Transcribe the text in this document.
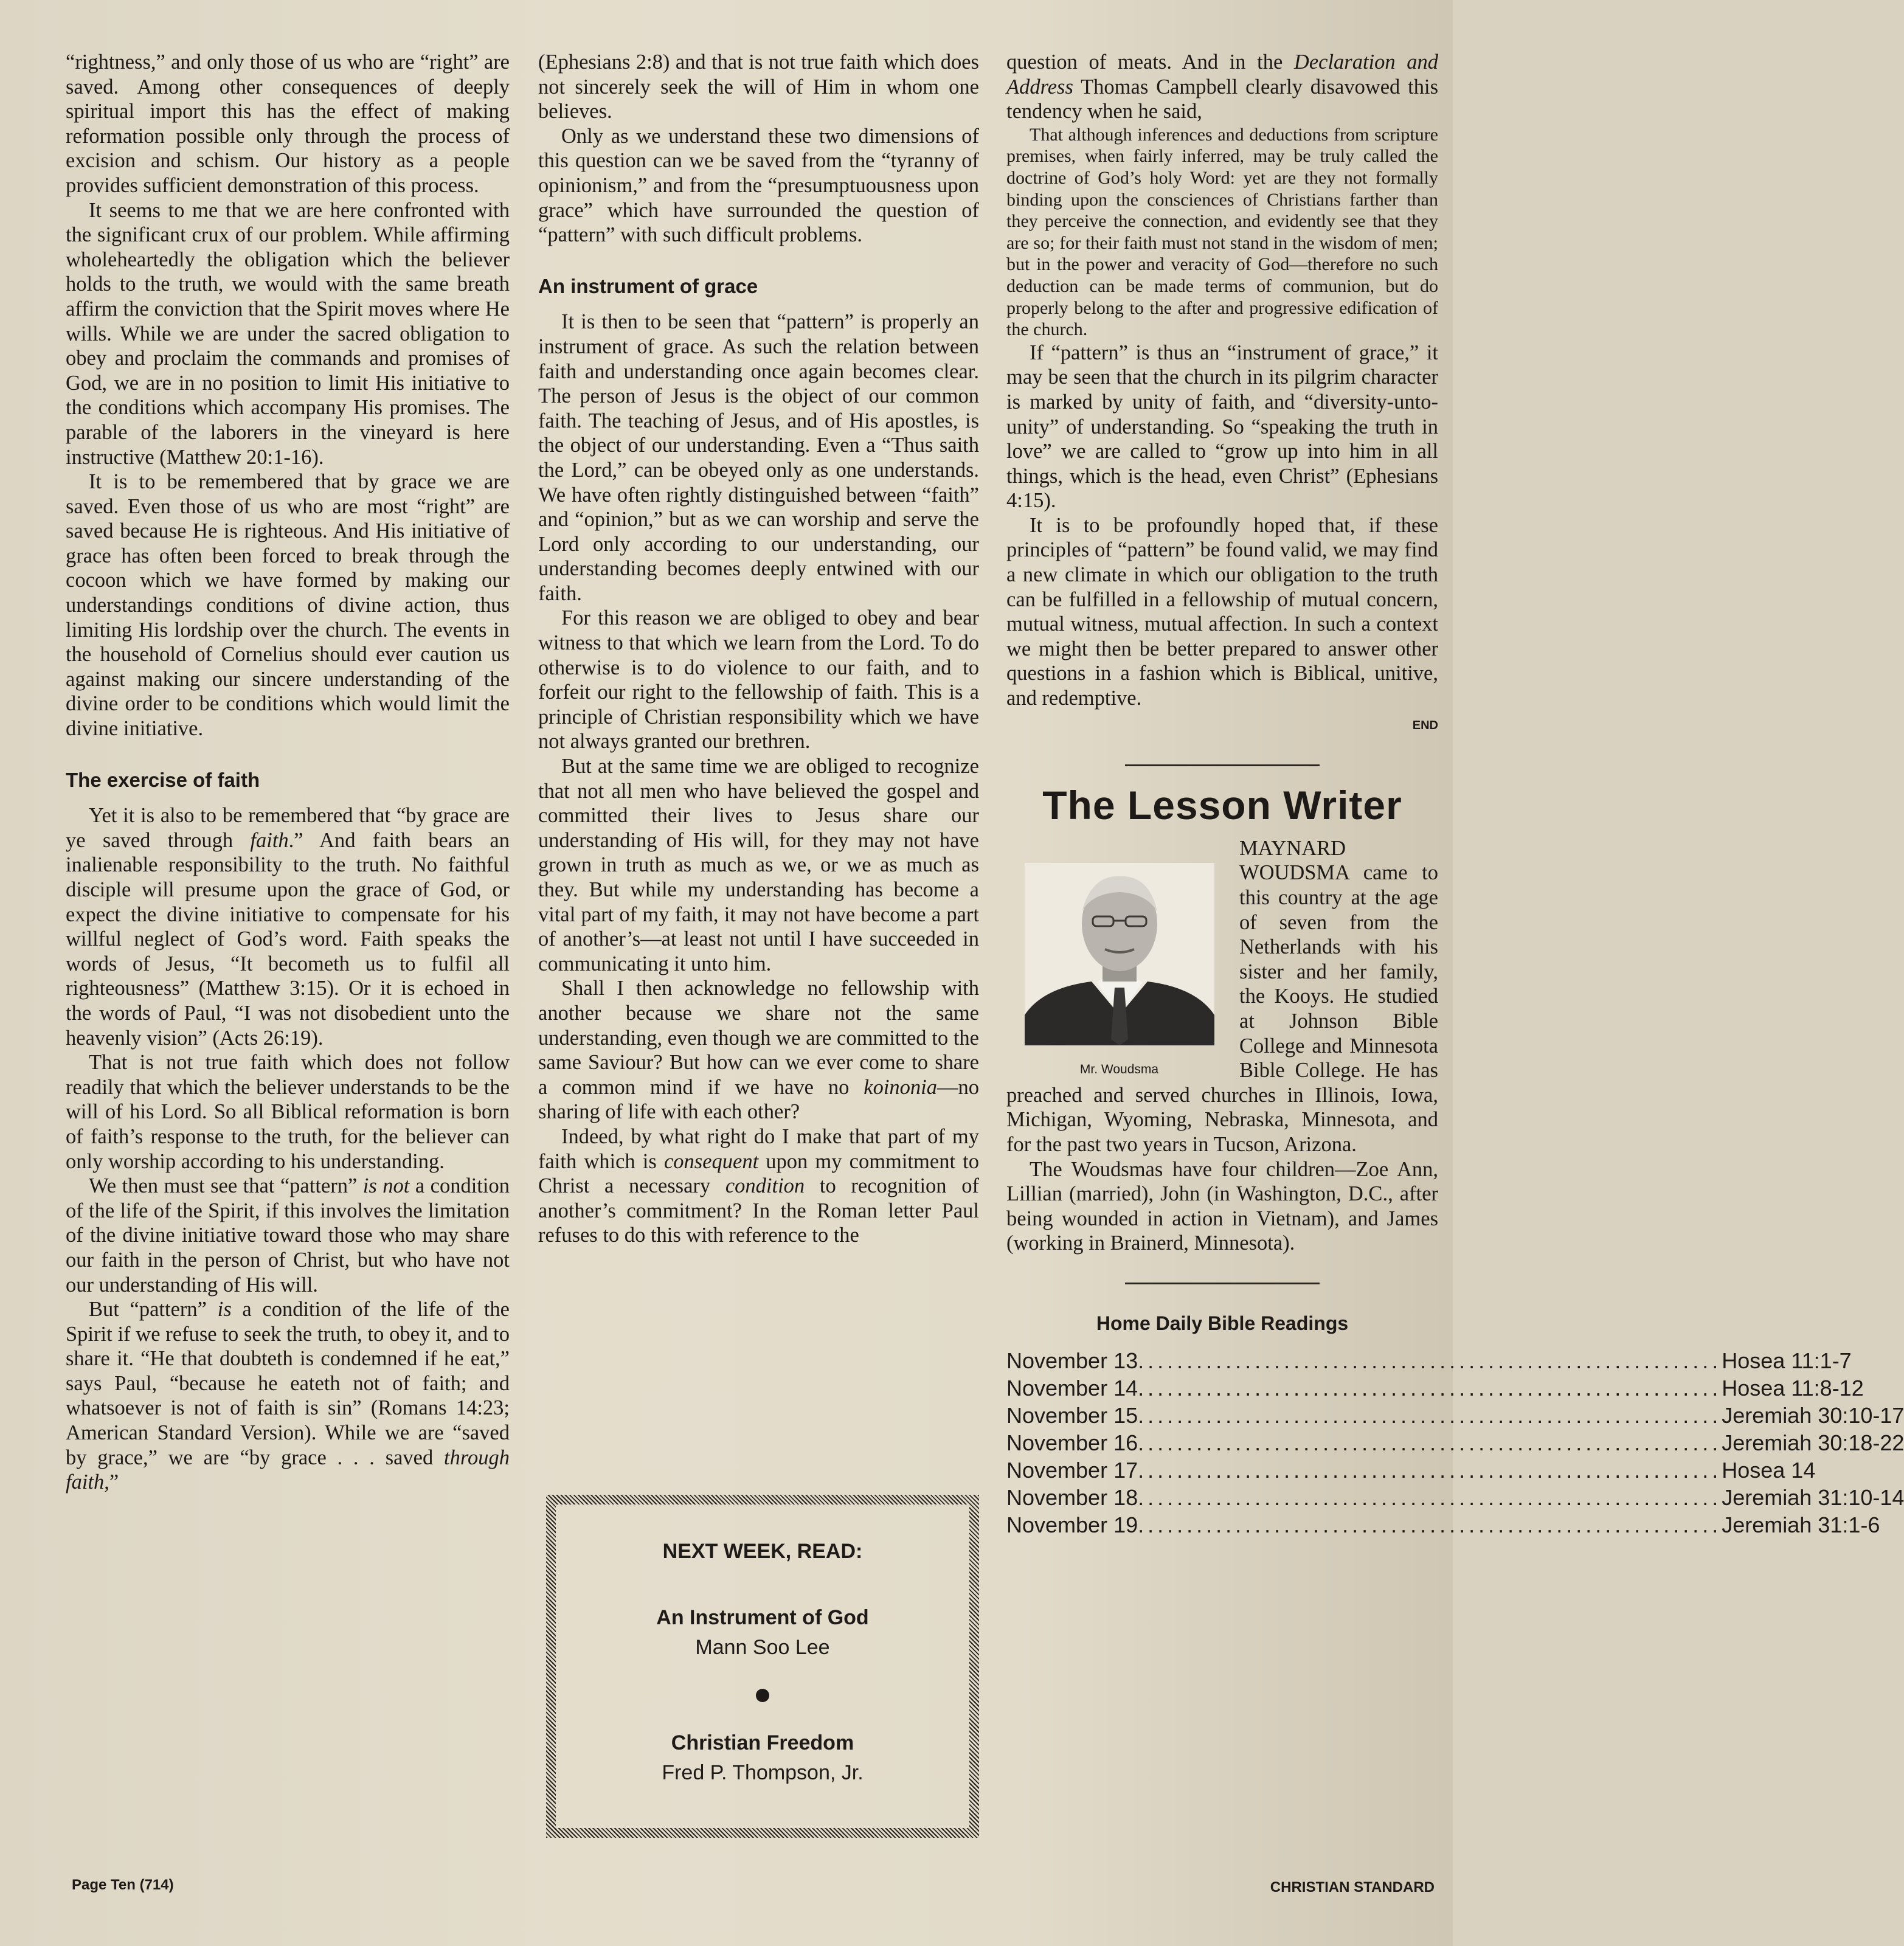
“rightness,” and only those of us who are “right” are saved. Among other consequences of deeply spiritual import this has the effect of making reformation possible only through the process of excision and schism. Our history as a people provides sufficient demonstration of this process.

It seems to me that we are here confronted with the significant crux of our problem. While affirming wholeheartedly the obligation which the believer holds to the truth, we would with the same breath affirm the conviction that the Spirit moves where He wills. While we are under the sacred obligation to obey and proclaim the commands and promises of God, we are in no position to limit His initiative to the conditions which accompany His promises. The parable of the laborers in the vineyard is here instructive (Matthew 20:1-16).

It is to be remembered that by grace we are saved. Even those of us who are most “right” are saved because He is righteous. And His initiative of grace has often been forced to break through the cocoon which we have formed by making our understandings conditions of divine action, thus limiting His lordship over the church. The events in the household of Cornelius should ever caution us against making our sincere understanding of the divine order to be conditions which would limit the divine initiative.

The exercise of faith

Yet it is also to be remembered that “by grace are ye saved through faith.” And faith bears an inalienable responsibility to the truth. No faithful disciple will presume upon the grace of God, or expect the divine initiative to compensate for his willful neglect of God’s word. Faith speaks the words of Jesus, “It becometh us to fulfil all righteousness” (Matthew 3:15). Or it is echoed in the words of Paul, “I was not disobedient unto the heavenly vision” (Acts 26:19).

That is not true faith which does not follow readily that which the believer understands to be the will of his Lord. So all Biblical reformation is born of faith’s response to the truth, for the believer can only worship according to his understanding.

We then must see that “pattern” is not a condition of the life of the Spirit, if this involves the limitation of the divine initiative toward those who may share our faith in the person of Christ, but who have not our understanding of His will.

But “pattern” is a condition of the life of the Spirit if we refuse to seek the truth, to obey it, and to share it. “He that doubteth is condemned if he eat,” says Paul, “because he eateth not of faith; and whatsoever is not of faith is sin” (Romans 14:23; American Standard Version). While we are “saved by grace,” we are “by grace . . . saved through faith,”

(Ephesians 2:8) and that is not true faith which does not sincerely seek the will of Him in whom one believes.

Only as we understand these two dimensions of this question can we be saved from the “tyranny of opinionism,” and from the “presumptuousness upon grace” which have surrounded the question of “pattern” with such difficult problems.

An instrument of grace

It is then to be seen that “pattern” is properly an instrument of grace. As such the relation between faith and understanding once again becomes clear. The person of Jesus is the object of our common faith. The teaching of Jesus, and of His apostles, is the object of our understanding. Even a “Thus saith the Lord,” can be obeyed only as one understands. We have often rightly distinguished between “faith” and “opinion,” but as we can worship and serve the Lord only according to our understanding, our understanding becomes deeply entwined with our faith.

For this reason we are obliged to obey and bear witness to that which we learn from the Lord. To do otherwise is to do violence to our faith, and to forfeit our right to the fellowship of faith. This is a principle of Christian responsibility which we have not always granted our brethren.

But at the same time we are obliged to recognize that not all men who have believed the gospel and committed their lives to Jesus share our understanding of His will, for they may not have grown in truth as much as we, or we as much as they. But while my understanding has become a vital part of my faith, it may not have become a part of another’s—at least not until I have succeeded in communicating it unto him.

Shall I then acknowledge no fellowship with another because we share not the same understanding, even though we are committed to the same Saviour? But how can we ever come to share a common mind if we have no koinonia—no sharing of life with each other?

Indeed, by what right do I make that part of my faith which is consequent upon my commitment to Christ a necessary condition to recognition of another’s commitment? In the Roman letter Paul refuses to do this with reference to the

NEXT WEEK, READ:
An Instrument of God
Mann Soo Lee
Christian Freedom
Fred P. Thompson, Jr.

question of meats. And in the Declaration and Address Thomas Campbell clearly disavowed this tendency when he said,

That although inferences and deductions from scripture premises, when fairly inferred, may be truly called the doctrine of God’s holy Word: yet are they not formally binding upon the consciences of Christians farther than they perceive the connection, and evidently see that they are so; for their faith must not stand in the wisdom of men; but in the power and veracity of God—therefore no such deduction can be made terms of communion, but do properly belong to the after and progressive edification of the church.

If “pattern” is thus an “instrument of grace,” it may be seen that the church in its pilgrim character is marked by unity of faith, and “diversity-unto-unity” of understanding. So “speaking the truth in love” we are called to “grow up into him in all things, which is the head, even Christ” (Ephesians 4:15).

It is to be profoundly hoped that, if these principles of “pattern” be found valid, we may find a new climate in which our obligation to the truth can be fulfilled in a fellowship of mutual concern, mutual witness, mutual affection. In such a context we might then be better prepared to answer other questions in a fashion which is Biblical, unitive, and redemptive.

END
The Lesson Writer
Mr. Woudsma

MAYNARD WOUDSMA came to this country at the age of seven from the Netherlands with his sister and her family, the Kooys. He studied at Johnson Bible College and Minnesota Bible College. He has preached and served churches in Illinois, Iowa, Michigan, Wyoming, Nebraska, Minnesota, and for the past two years in Tucson, Arizona.

The Woudsmas have four children—Zoe Ann, Lillian (married), John (in Washington, D.C., after being wounded in action in Vietnam), and James (working in Brainerd, Minnesota).

Home Daily Bible Readings
November 13 ............................................................ Hosea 11:1-7
November 14 ............................................................ Hosea 11:8-12
November 15 ............................................................ Jeremiah 30:10-17
November 16 ............................................................ Jeremiah 30:18-22
November 17 ............................................................ Hosea 14
November 18 ............................................................ Jeremiah 31:10-14
November 19 ............................................................ Jeremiah 31:1-6
Page Ten (714)	CHRISTIAN STANDARD
